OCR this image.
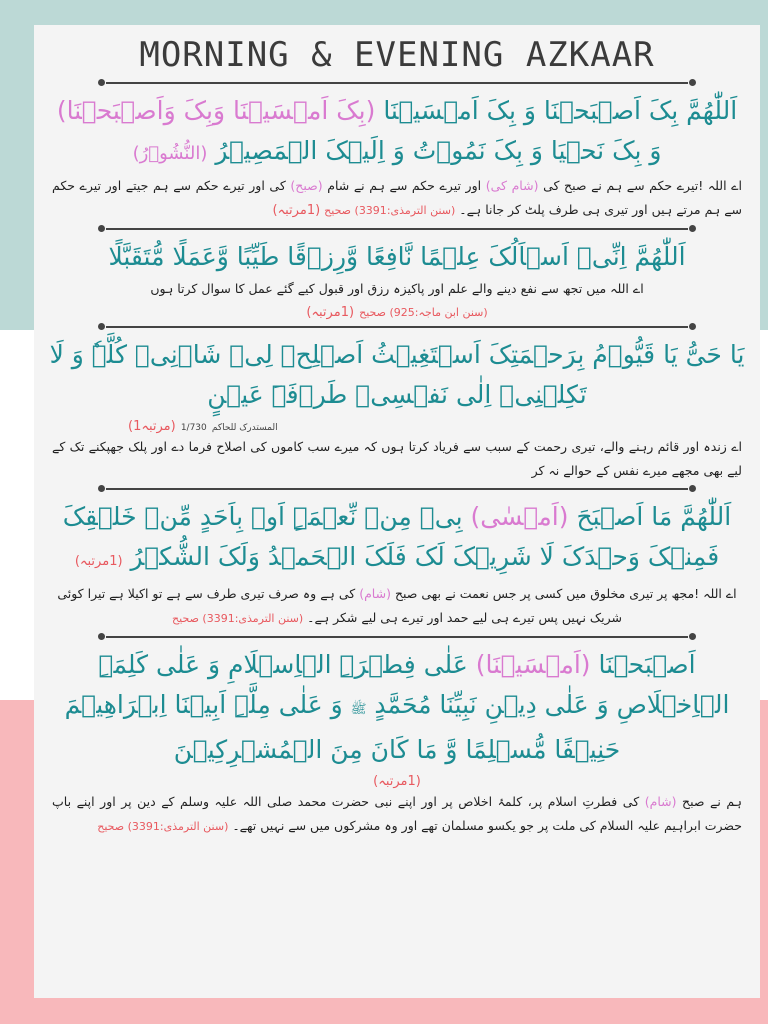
MORNING & EVENING AZKAAR

اَللّٰھُمَّ بِکَ اَصۡبَحۡنَا وَ بِکَ اَمۡسَیۡنَا (بِکَ اَمۡسَیۡنَا وَبِکَ وَاَصۡبَحۡنَا) وَ بِکَ نَحۡیَا وَ بِکَ نَمُوۡتُ وَ اِلَیۡکَ الۡمَصِیۡرُ (النُّشُوۡرُ)

اے اللہ !تیرے حکم سے ہم نے صبح کی (شام کی) اور تیرے حکم سے ہم نے شام (صبح) کی اور تیرے حکم سے ہم جیتے اور تیرے حکم سے ہم مرتے ہیں اور تیری ہی طرف پلٹ کر جانا ہے۔ (سنن الترمذی:3391) صحیح (1مرتبہ)

اَللّٰھُمَّ اِنِّیۡ اَسۡاَلُکَ عِلۡمًا نَّافِعًا وَّرِزۡقًا طَیِّبًا وَّعَمَلًا مُّتَقَبَّلًا

اے اللہ میں تجھ سے نفع دینے والے علم اور پاکیزہ رزق اور قبول کیے گئے عمل کا سوال کرتا ہوں

(سنن ابن ماجہ:925) صحیح (1مرتبہ)

یَا حَیُّ یَا قَیُّوۡمُ بِرَحۡمَتِکَ اَسۡتَغِیۡثُ اَصۡلِحۡ لِیۡ شَاۡنِیۡ کُلَّہٗ وَ لَا تَکِلۡنِیۡ اِلٰی نَفۡسِیۡ طَرۡفَۃَ عَیۡنٍ

(1مرتبہ)	المستدرک للحاکم 1/730

اے زندہ اور قائم رہنے والے، تیری رحمت کے سبب سے فریاد کرتا ہوں کہ میرے سب کاموں کی اصلاح فرما دے اور پلک جھپکنے تک کے لیے بھی مجھے میرے نفس کے حوالے نہ کر

اَللّٰھُمَّ مَا اَصۡبَحَ (اَمۡسٰی) بِیۡ مِنۡ نِّعۡمَۃٍ اَوۡ بِاَحَدٍ مِّنۡ خَلۡقِکَ فَمِنۡکَ وَحۡدَکَ لَا شَرِیۡکَ لَکَ فَلَکَ الۡحَمۡدُ وَلَکَ الشُّکۡرُ (1مرتبہ)

اے اللہ !مجھ پر تیری مخلوق میں کسی پر جس نعمت نے بھی صبح (شام) کی ہے وہ صرف تیری طرف سے ہے تو اکیلا ہے تیرا کوئی شریک نہیں پس تیرے ہی لیے حمد اور تیرے ہی لیے شکر ہے۔ (سنن الترمذی:3391) صحیح

اَصۡبَحۡنَا (اَمۡسَیۡنَا) عَلٰی فِطۡرَۃِ الۡاِسۡلَامِ وَ عَلٰی کَلِمَۃِ الۡاِخۡلَاصِ وَ عَلٰی دِیۡنِ نَبِیِّنَا مُحَمَّدٍ ﷺ وَ عَلٰی مِلَّۃِ اَبِیۡنَا اِبۡرَاھِیۡمَ حَنِیۡفًا مُّسۡلِمًا وَّ مَا کَانَ مِنَ الۡمُشۡرِکِیۡنَ

(1مرتبہ)

ہم نے صبح (شام) کی فطرتِ اسلام پر، کلمۂ اخلاص پر اور اپنے نبی حضرت محمد صلی اللہ علیہ وسلم کے دین پر اور اپنے باپ حضرت ابراہیم علیہ السلام کی ملت پر جو یکسو مسلمان تھے اور وہ مشرکوں میں سے نہیں تھے۔ (سنن الترمذی:3391) صحیح
